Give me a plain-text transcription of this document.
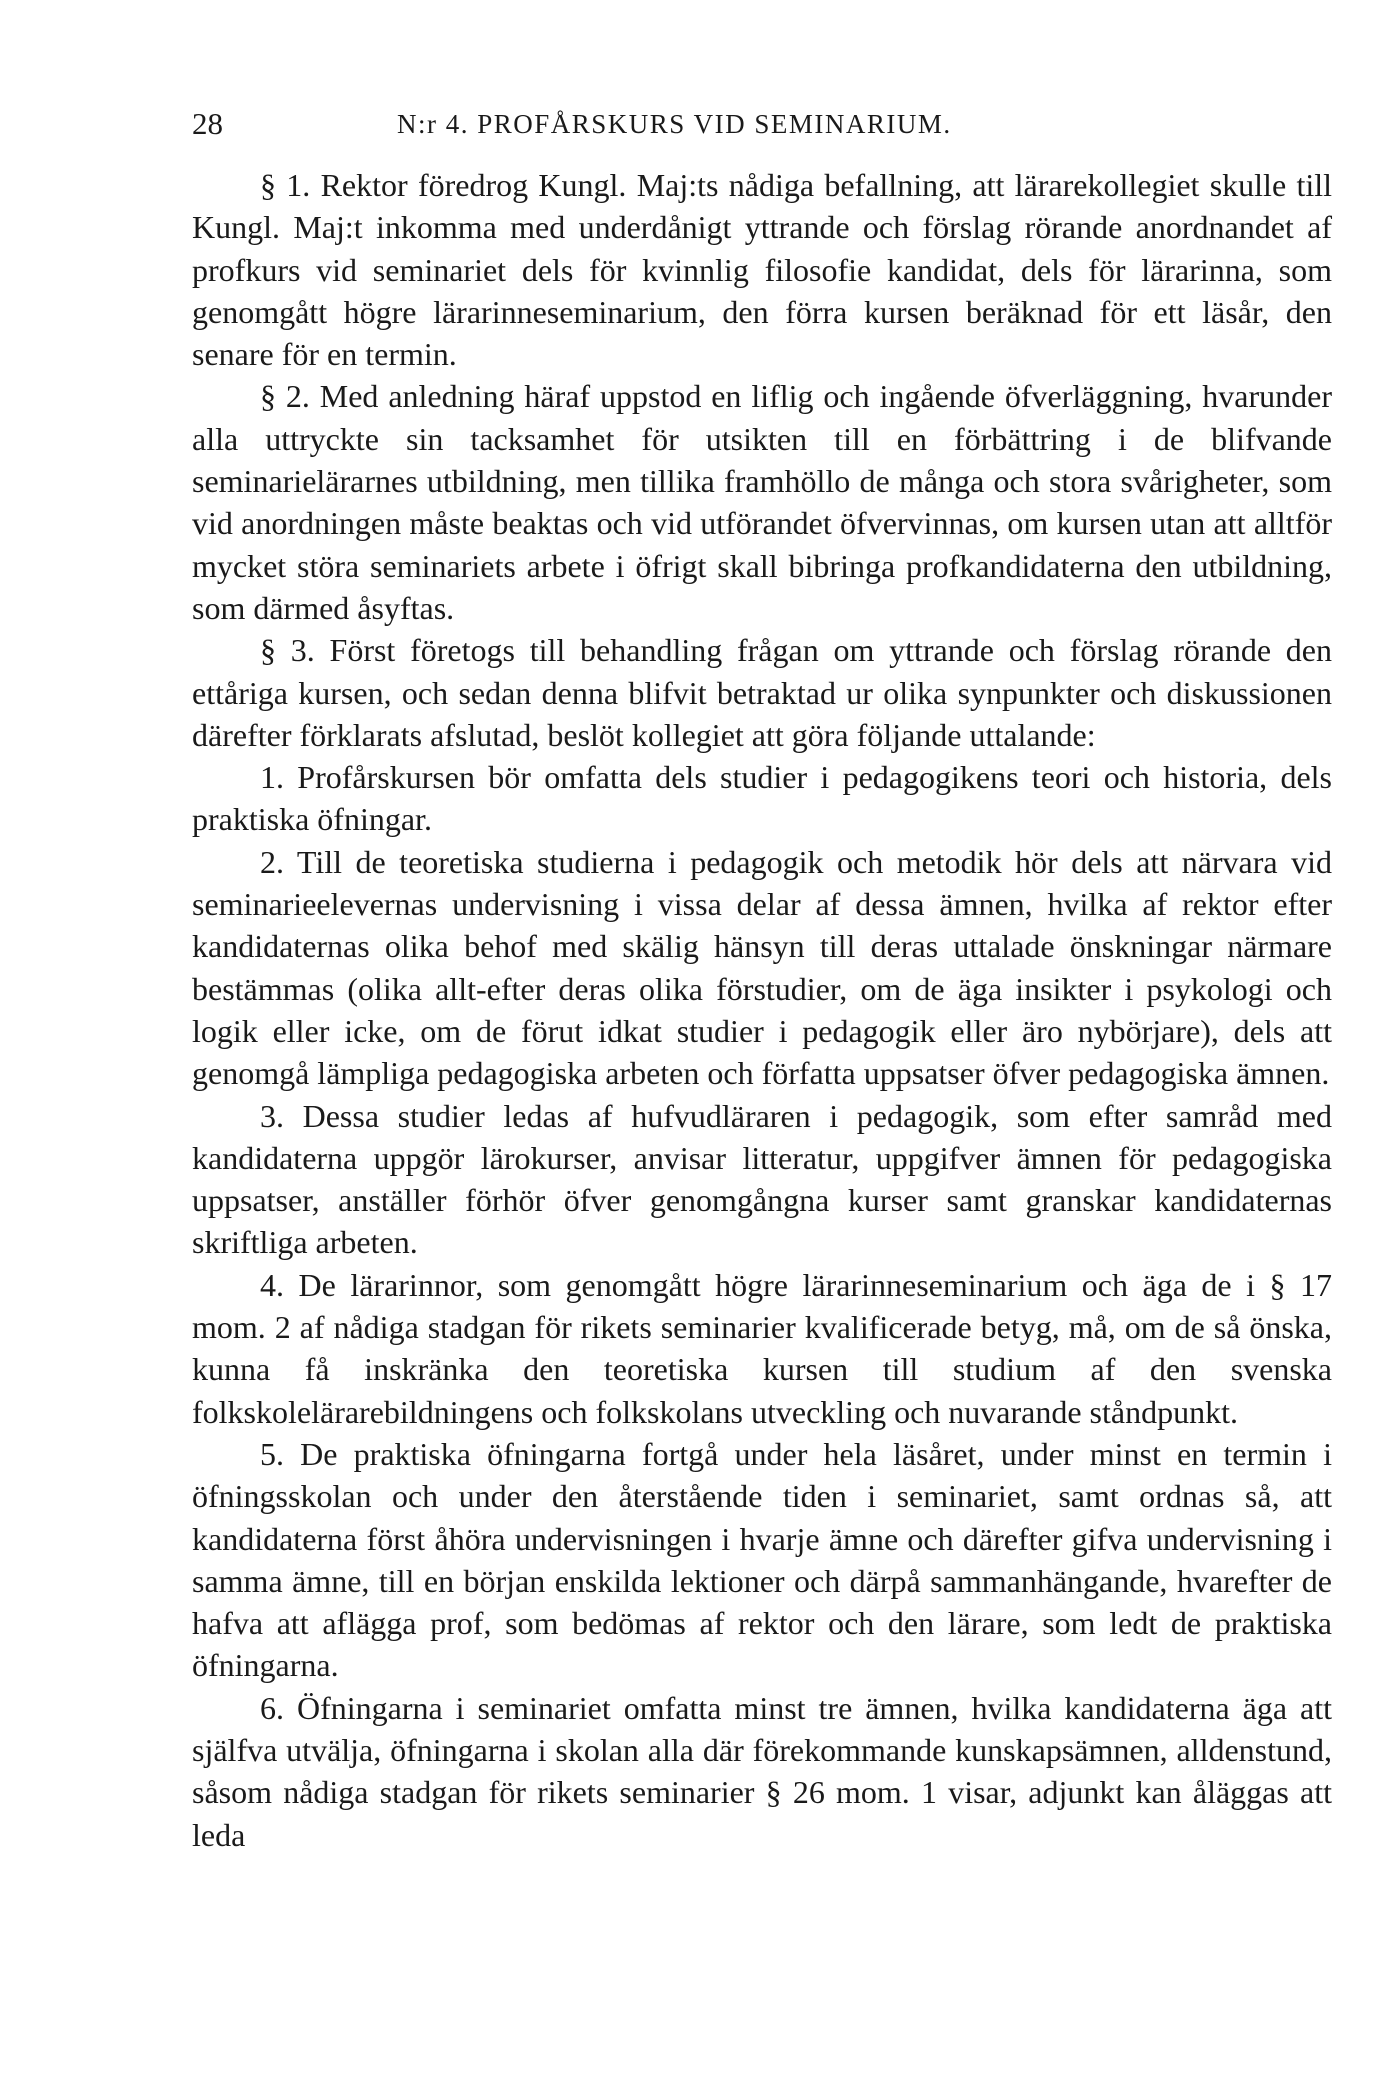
28	N:r 4. PROFÅRSKURS VID SEMINARIUM.

§ 1. Rektor föredrog Kungl. Maj:ts nådiga befallning, att lärarekollegiet skulle till Kungl. Maj:t inkomma med underdånigt yttrande och förslag rörande anordnandet af profkurs vid seminariet dels för kvinnlig filosofie kandidat, dels för lärarinna, som genomgått högre lärarinneseminarium, den förra kursen beräknad för ett läsår, den senare för en termin.

§ 2. Med anledning häraf uppstod en liflig och ingående öfverläggning, hvarunder alla uttryckte sin tacksamhet för utsikten till en förbättring i de blifvande seminarielärarnes utbildning, men tillika framhöllo de många och stora svårigheter, som vid anordningen måste beaktas och vid utförandet öfvervinnas, om kursen utan att alltför mycket störa seminariets arbete i öfrigt skall bibringa profkandidaterna den utbildning, som därmed åsyftas.

§ 3. Först företogs till behandling frågan om yttrande och förslag rörande den ettåriga kursen, och sedan denna blifvit betraktad ur olika synpunkter och diskussionen därefter förklarats afslutad, beslöt kollegiet att göra följande uttalande:

1. Profårskursen bör omfatta dels studier i pedagogikens teori och historia, dels praktiska öfningar.

2. Till de teoretiska studierna i pedagogik och metodik hör dels att närvara vid seminarieelevernas undervisning i vissa delar af dessa ämnen, hvilka af rektor efter kandidaternas olika behof med skälig hänsyn till deras uttalade önskningar närmare bestämmas (olika allt-efter deras olika förstudier, om de äga insikter i psykologi och logik eller icke, om de förut idkat studier i pedagogik eller äro nybörjare), dels att genomgå lämpliga pedagogiska arbeten och författa uppsatser öfver pedagogiska ämnen.

3. Dessa studier ledas af hufvudläraren i pedagogik, som efter samråd med kandidaterna uppgör lärokurser, anvisar litteratur, uppgifver ämnen för pedagogiska uppsatser, anställer förhör öfver genomgångna kurser samt granskar kandidaternas skriftliga arbeten.

4. De lärarinnor, som genomgått högre lärarinneseminarium och äga de i § 17 mom. 2 af nådiga stadgan för rikets seminarier kvalificerade betyg, må, om de så önska, kunna få inskränka den teoretiska kursen till studium af den svenska folkskolelärarebildningens och folkskolans utveckling och nuvarande ståndpunkt.

5. De praktiska öfningarna fortgå under hela läsåret, under minst en termin i öfningsskolan och under den återstående tiden i seminariet, samt ordnas så, att kandidaterna först åhöra undervisningen i hvarje ämne och därefter gifva undervisning i samma ämne, till en början enskilda lektioner och därpå sammanhängande, hvarefter de hafva att aflägga prof, som bedömas af rektor och den lärare, som ledt de praktiska öfningarna.

6. Öfningarna i seminariet omfatta minst tre ämnen, hvilka kandidaterna äga att själfva utvälja, öfningarna i skolan alla där förekommande kunskapsämnen, alldenstund, såsom nådiga stadgan för rikets seminarier § 26 mom. 1 visar, adjunkt kan åläggas att leda
